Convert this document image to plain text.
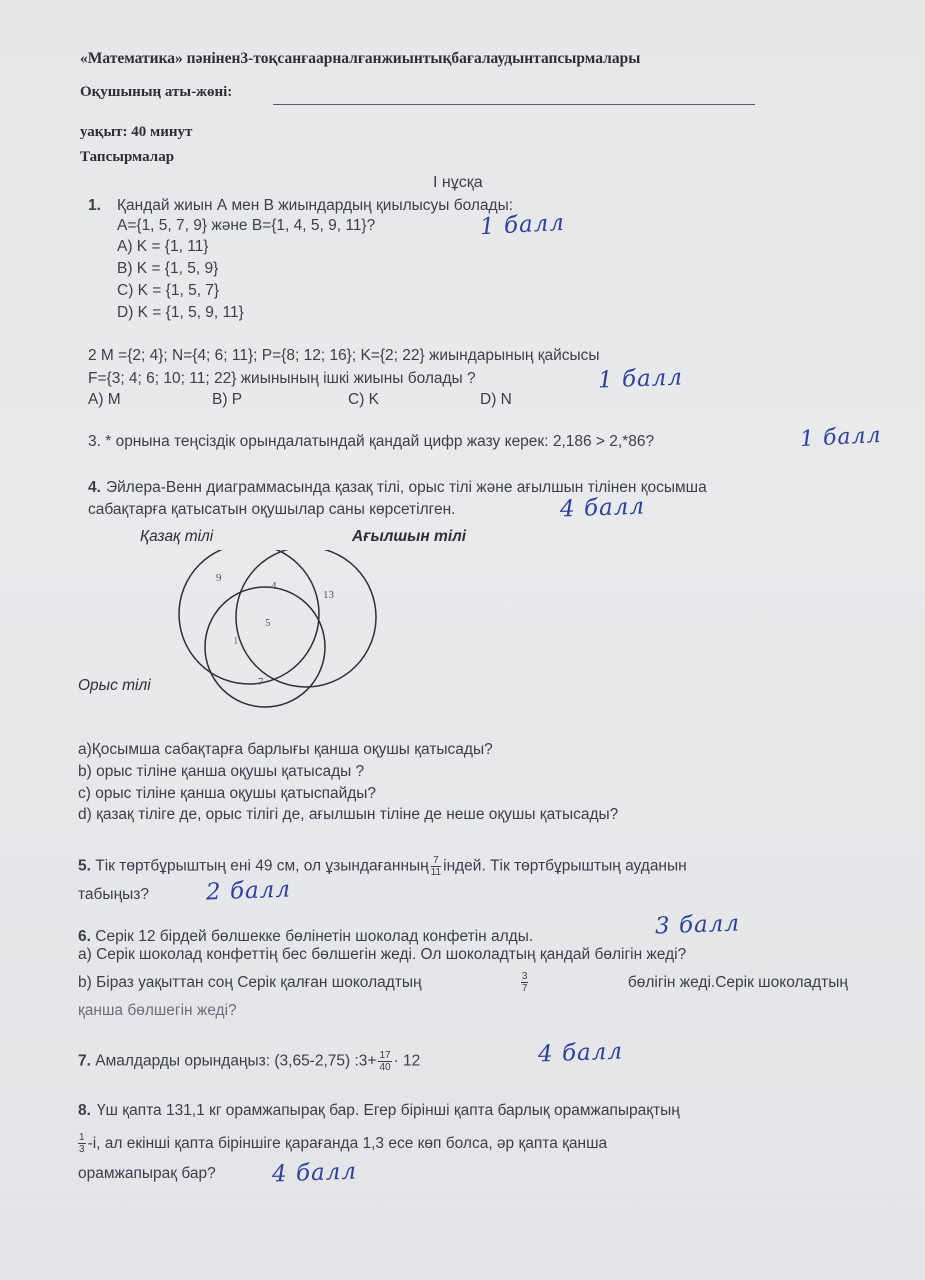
«Математика» пәнінен3-тоқсанғаарналғанжиынтықбағалаудынтапсырмалары
Оқушының аты-жөні:
уақыт: 40 минут
Тапсырмалар
I нұсқа
1. Қандай жиын А мен В жиындардың қиылысуы болады:
A={1, 5, 7, 9} және B={1, 4, 5, 9, 11}?	1 балл
A) K = {1, 11}
B) K = {1, 5, 9}
C) K = {1, 5, 7}
D) K = {1, 5, 9, 11}
2 M ={2; 4}; N={4; 6; 11}; P={8; 12; 16}; K={2; 22} жиындарының қайсысы
F={3; 4; 6; 10; 11; 22} жиынының ішкі жиыны болады ?	1 балл
A) M	B) P	C) K	D) N
3. * орнына теңсіздік орындалатындай қандай цифр жазу керек: 2,186 > 2,*86?	1 балл
4. Эйлера-Венн диаграммасында қазақ тілі, орыс тілі және ағылшын тілінен қосымша
сабақтарға қатысатын оқушылар саны көрсетілген.	4 балл
Қазақ тілі	Ағылшын тілі
Орыс тілі
9
4
13
5
1
7
а)Қосымша сабақтарға барлығы қанша оқушы қатысады?
b) орыс тіліне қанша оқушы қатысады ?
c) орыс тіліне қанша оқушы қатыспайды?
d) қазақ тіліге де, орыс тілігі де, ағылшын тіліне де неше оқушы қатысады?
5. Тік төртбұрыштың ені 49 см, ол ұзындағанның $\frac{7}{11}$ індей. Тік төртбұрыштың ауданын
табыңыз? 2 балл
6. Серік 12 бірдей бөлшекке бөлінетін шоколад конфетін алды.	3 балл
а) Серік шоколад конфеттің бес бөлшегін жеді. Ол шоколадтың қандай бөлігін жеді?
b) Біраз уақыттан соң Серік қалған шоколадтың	$\frac{3}{7}$	бөлігін жеді.Серік шоколадтың
қанша бөлшегін жеді?
7. Амалдарды орындаңыз: (3,65-2,75) :3+ $\frac{17}{40} \cdot 12$	4 балл
8. Үш қапта 131,1 кг орамжапырақ бар. Егер бірінші қапта барлық орамжапырақтың
$\frac{1}{3} -і$, ал екінші қапта біріншіге қарағанда 1,3 есе көп болса, әр қапта қанша
орамжапырақ бар? 4 балл
